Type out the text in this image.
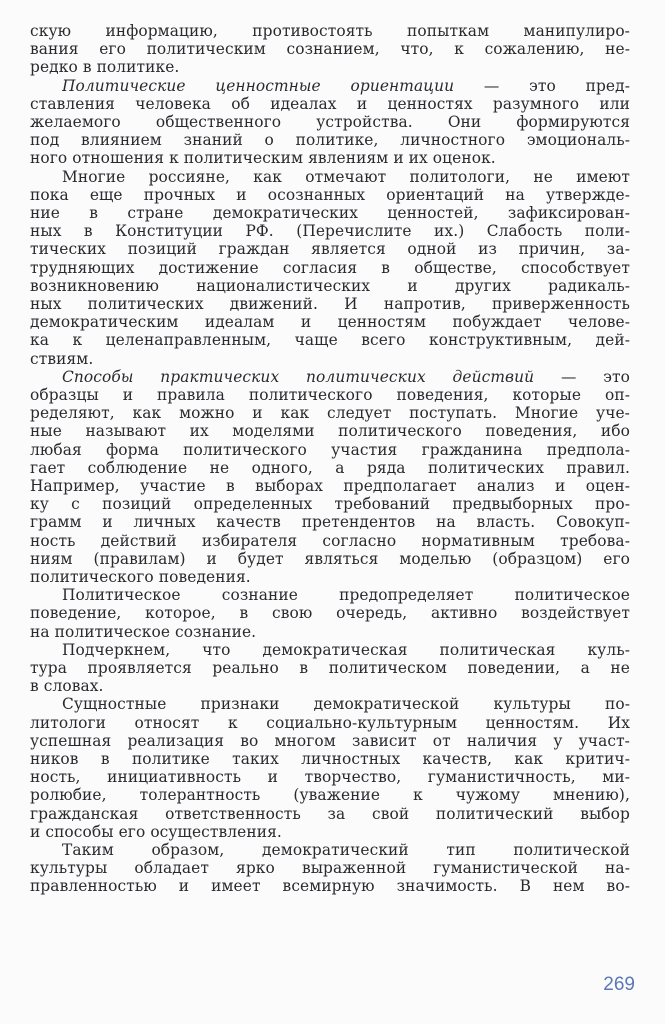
скую информацию, противостоять попыткам манипулиро-
вания его политическим сознанием, что, к сожалению, не-
редко в политике.
Политические ценностные ориентации — это пред-
ставления человека об идеалах и ценностях разумного или
желаемого общественного устройства. Они формируются
под влиянием знаний о политике, личностного эмоциональ-
ного отношения к политическим явлениям и их оценок.
Многие россияне, как отмечают политологи, не имеют
пока еще прочных и осознанных ориентаций на утвержде-
ние в стране демократических ценностей, зафиксирован-
ных в Конституции РФ. (Перечислите их.) Слабость поли-
тических позиций граждан является одной из причин, за-
трудняющих достижение согласия в обществе, способствует
возникновению националистических и других радикаль-
ных политических движений. И напротив, приверженность
демократическим идеалам и ценностям побуждает челове-
ка к целенаправленным, чаще всего конструктивным, дей-
ствиям.
Способы практических политических действий — это
образцы и правила политического поведения, которые оп-
ределяют, как можно и как следует поступать. Многие уче-
ные называют их моделями политического поведения, ибо
любая форма политического участия гражданина предпола-
гает соблюдение не одного, а ряда политических правил.
Например, участие в выборах предполагает анализ и оцен-
ку с позиций определенных требований предвыборных про-
грамм и личных качеств претендентов на власть. Совокуп-
ность действий избирателя согласно нормативным требова-
ниям (правилам) и будет являться моделью (образцом) его
политического поведения.
Политическое сознание предопределяет политическое
поведение, которое, в свою очередь, активно воздействует
на политическое сознание.
Подчеркнем, что демократическая политическая куль-
тура проявляется реально в политическом поведении, а не
в словах.
Сущностные признаки демократической культуры по-
литологи относят к социально-культурным ценностям. Их
успешная реализация во многом зависит от наличия у участ-
ников в политике таких личностных качеств, как критич-
ность, инициативность и творчество, гуманистичность, ми-
ролюбие, толерантность (уважение к чужому мнению),
гражданская ответственность за свой политический выбор
и способы его осуществления.
Таким образом, демократический тип политической
культуры обладает ярко выраженной гуманистической на-
правленностью и имеет всемирную значимость. В нем во-
269
